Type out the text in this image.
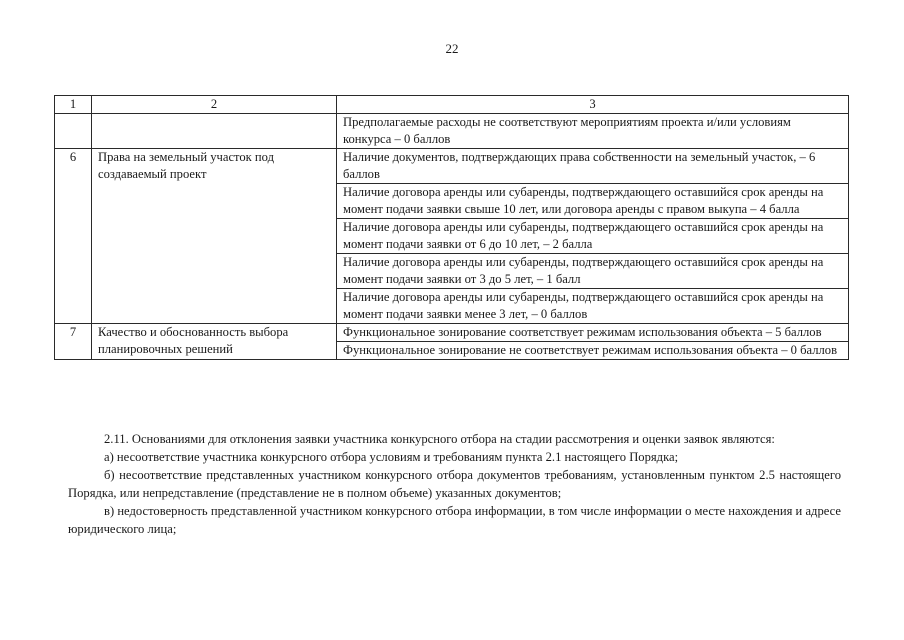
22
1	2	3
		Предполагаемые расходы не соответствуют мероприятиям проекта и/или условиям конкурса – 0 баллов
6	Права на земельный участок под создаваемый проект	Наличие документов, подтверждающих права собственности на земельный участок, – 6 баллов
		Наличие договора аренды или субаренды, подтверждающего оставшийся срок аренды на момент подачи заявки свыше 10 лет, или договора аренды с правом выкупа – 4 балла
		Наличие договора аренды или субаренды, подтверждающего оставшийся срок аренды на момент подачи заявки от 6 до 10 лет, – 2 балла
		Наличие договора аренды или субаренды, подтверждающего оставшийся срок аренды на момент подачи заявки от 3 до 5 лет, – 1 балл
		Наличие договора аренды или субаренды, подтверждающего оставшийся срок аренды на момент подачи заявки менее 3 лет, – 0 баллов
7	Качество и обоснованность выбора планировочных решений	Функциональное зонирование соответствует режимам использования объекта – 5 баллов
		Функциональное зонирование не соответствует режимам использования объекта – 0 баллов

2.11. Основаниями для отклонения заявки участника конкурсного отбора на стадии рассмотрения и оценки заявок являются:

а) несоответствие участника конкурсного отбора условиям и требованиям пункта 2.1 настоящего Порядка;

б) несоответствие представленных участником конкурсного отбора документов требованиям, установленным пунктом 2.5 настоящего Порядка, или непредставление (представление не в полном объеме) указанных документов;

в) недостоверность представленной участником конкурсного отбора информации, в том числе информации о месте нахождения и адресе юридического лица;
